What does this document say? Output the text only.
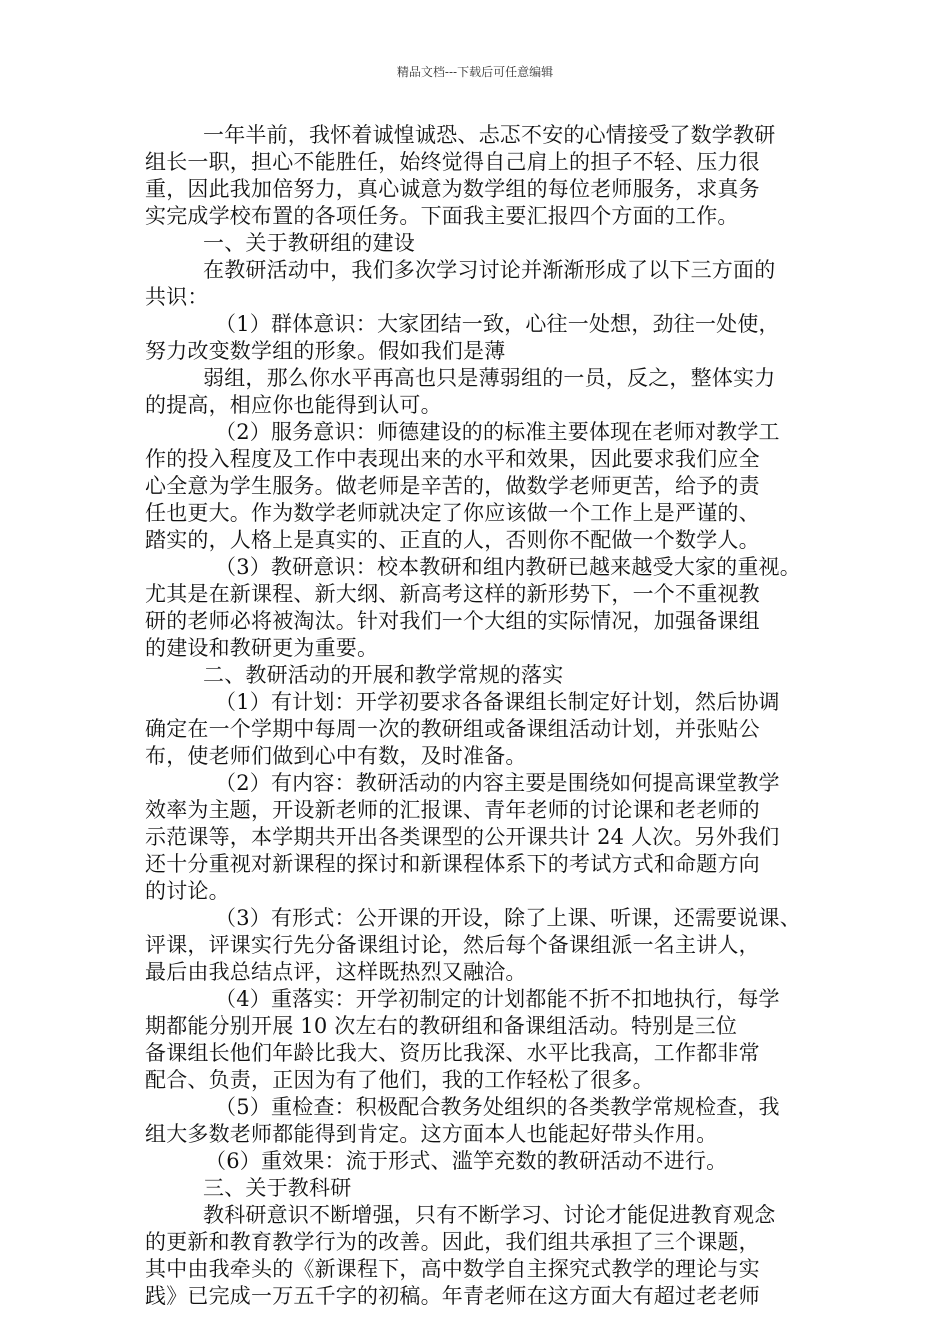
精品文档---下载后可任意编辑
一年半前，我怀着诚惶诚恐、忐忑不安的心情接受了数学教研
组长一职，担心不能胜任，始终觉得自己肩上的担子不轻、压力很
重，因此我加倍努力，真心诚意为数学组的每位老师服务，求真务
实完成学校布置的各项任务。下面我主要汇报四个方面的工作。
一、关于教研组的建设
在教研活动中，我们多次学习讨论并渐渐形成了以下三方面的
共识：
（1）群体意识：大家团结一致，心往一处想，劲往一处使，
努力改变数学组的形象。假如我们是薄
弱组，那么你水平再高也只是薄弱组的一员，反之，整体实力
的提高，相应你也能得到认可。
（2）服务意识：师德建设的的标准主要体现在老师对教学工
作的投入程度及工作中表现出来的水平和效果，因此要求我们应全
心全意为学生服务。做老师是辛苦的，做数学老师更苦，给予的责
任也更大。作为数学老师就决定了你应该做一个工作上是严谨的、
踏实的，人格上是真实的、正直的人，否则你不配做一个数学人。
（3）教研意识：校本教研和组内教研已越来越受大家的重视。
尤其是在新课程、新大纲、新高考这样的新形势下，一个不重视教
研的老师必将被淘汰。针对我们一个大组的实际情况，加强备课组
的建设和教研更为重要。
二、教研活动的开展和教学常规的落实
（1）有计划：开学初要求各备课组长制定好计划，然后协调
确定在一个学期中每周一次的教研组或备课组活动计划，并张贴公
布，使老师们做到心中有数，及时准备。
（2）有内容：教研活动的内容主要是围绕如何提高课堂教学
效率为主题，开设新老师的汇报课、青年老师的讨论课和老老师的
示范课等，本学期共开出各类课型的公开课共计 24 人次。另外我们
还十分重视对新课程的探讨和新课程体系下的考试方式和命题方向
的讨论。
（3）有形式：公开课的开设，除了上课、听课，还需要说课、
评课，评课实行先分备课组讨论，然后每个备课组派一名主讲人，
最后由我总结点评，这样既热烈又融洽。
（4）重落实：开学初制定的计划都能不折不扣地执行，每学
期都能分别开展 10 次左右的教研组和备课组活动。特别是三位
备课组长他们年龄比我大、资历比我深、水平比我高，工作都非常
配合、负责，正因为有了他们，我的工作轻松了很多。
（5）重检查：积极配合教务处组织的各类教学常规检查，我
组大多数老师都能得到肯定。这方面本人也能起好带头作用。
（6）重效果：流于形式、滥竽充数的教研活动不进行。
三、关于教科研
教科研意识不断增强，只有不断学习、讨论才能促进教育观念
的更新和教育教学行为的改善。因此，我们组共承担了三个课题，
其中由我牵头的《新课程下，高中数学自主探究式教学的理论与实
践》已完成一万五千字的初稿。年青老师在这方面大有超过老老师
